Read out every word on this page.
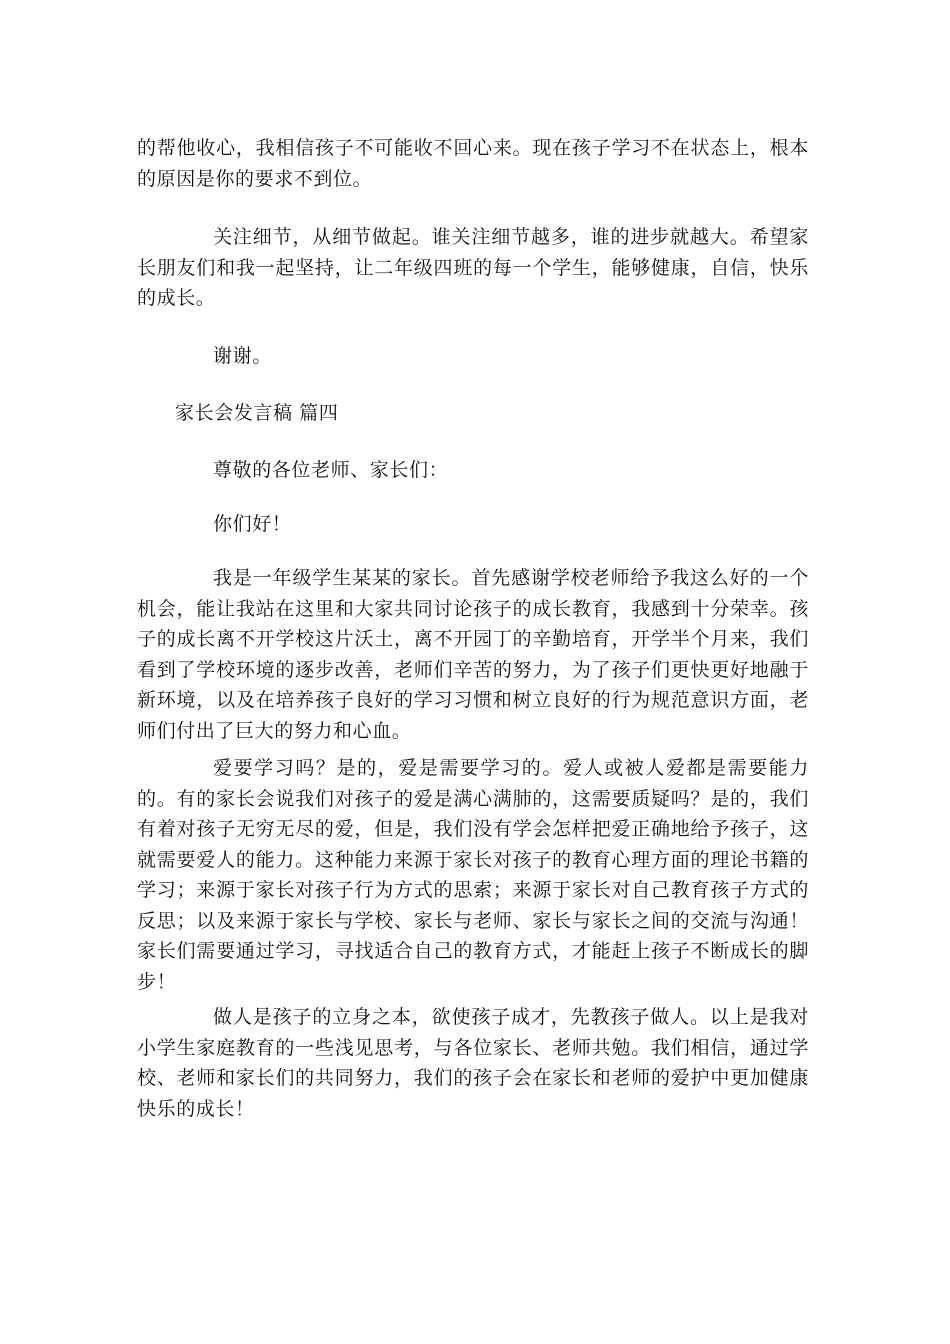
的帮他收心，我相信孩子不可能收不回心来。现在孩子学习不在状态上，根本的原因是你的要求不到位。

关注细节，从细节做起。谁关注细节越多，谁的进步就越大。希望家长朋友们和我一起坚持，让二年级四班的每一个学生，能够健康，自信，快乐的成长。

谢谢。

家长会发言稿 篇四

尊敬的各位老师、家长们：

你们好！

我是一年级学生某某的家长。首先感谢学校老师给予我这么好的一个机会，能让我站在这里和大家共同讨论孩子的成长教育，我感到十分荣幸。孩子的成长离不开学校这片沃土，离不开园丁的辛勤培育，开学半个月来，我们看到了学校环境的逐步改善，老师们辛苦的努力，为了孩子们更快更好地融于新环境，以及在培养孩子良好的学习习惯和树立良好的行为规范意识方面，老师们付出了巨大的努力和心血。

爱要学习吗？是的，爱是需要学习的。爱人或被人爱都是需要能力的。有的家长会说我们对孩子的爱是满心满肺的，这需要质疑吗？是的，我们有着对孩子无穷无尽的爱，但是，我们没有学会怎样把爱正确地给予孩子，这就需要爱人的能力。这种能力来源于家长对孩子的教育心理方面的理论书籍的学习；来源于家长对孩子行为方式的思索；来源于家长对自己教育孩子方式的反思；以及来源于家长与学校、家长与老师、家长与家长之间的交流与沟通！家长们需要通过学习，寻找适合自己的教育方式，才能赶上孩子不断成长的脚步！

做人是孩子的立身之本，欲使孩子成才，先教孩子做人。以上是我对小学生家庭教育的一些浅见思考，与各位家长、老师共勉。我们相信，通过学校、老师和家长们的共同努力，我们的孩子会在家长和老师的爱护中更加健康快乐的成长！
